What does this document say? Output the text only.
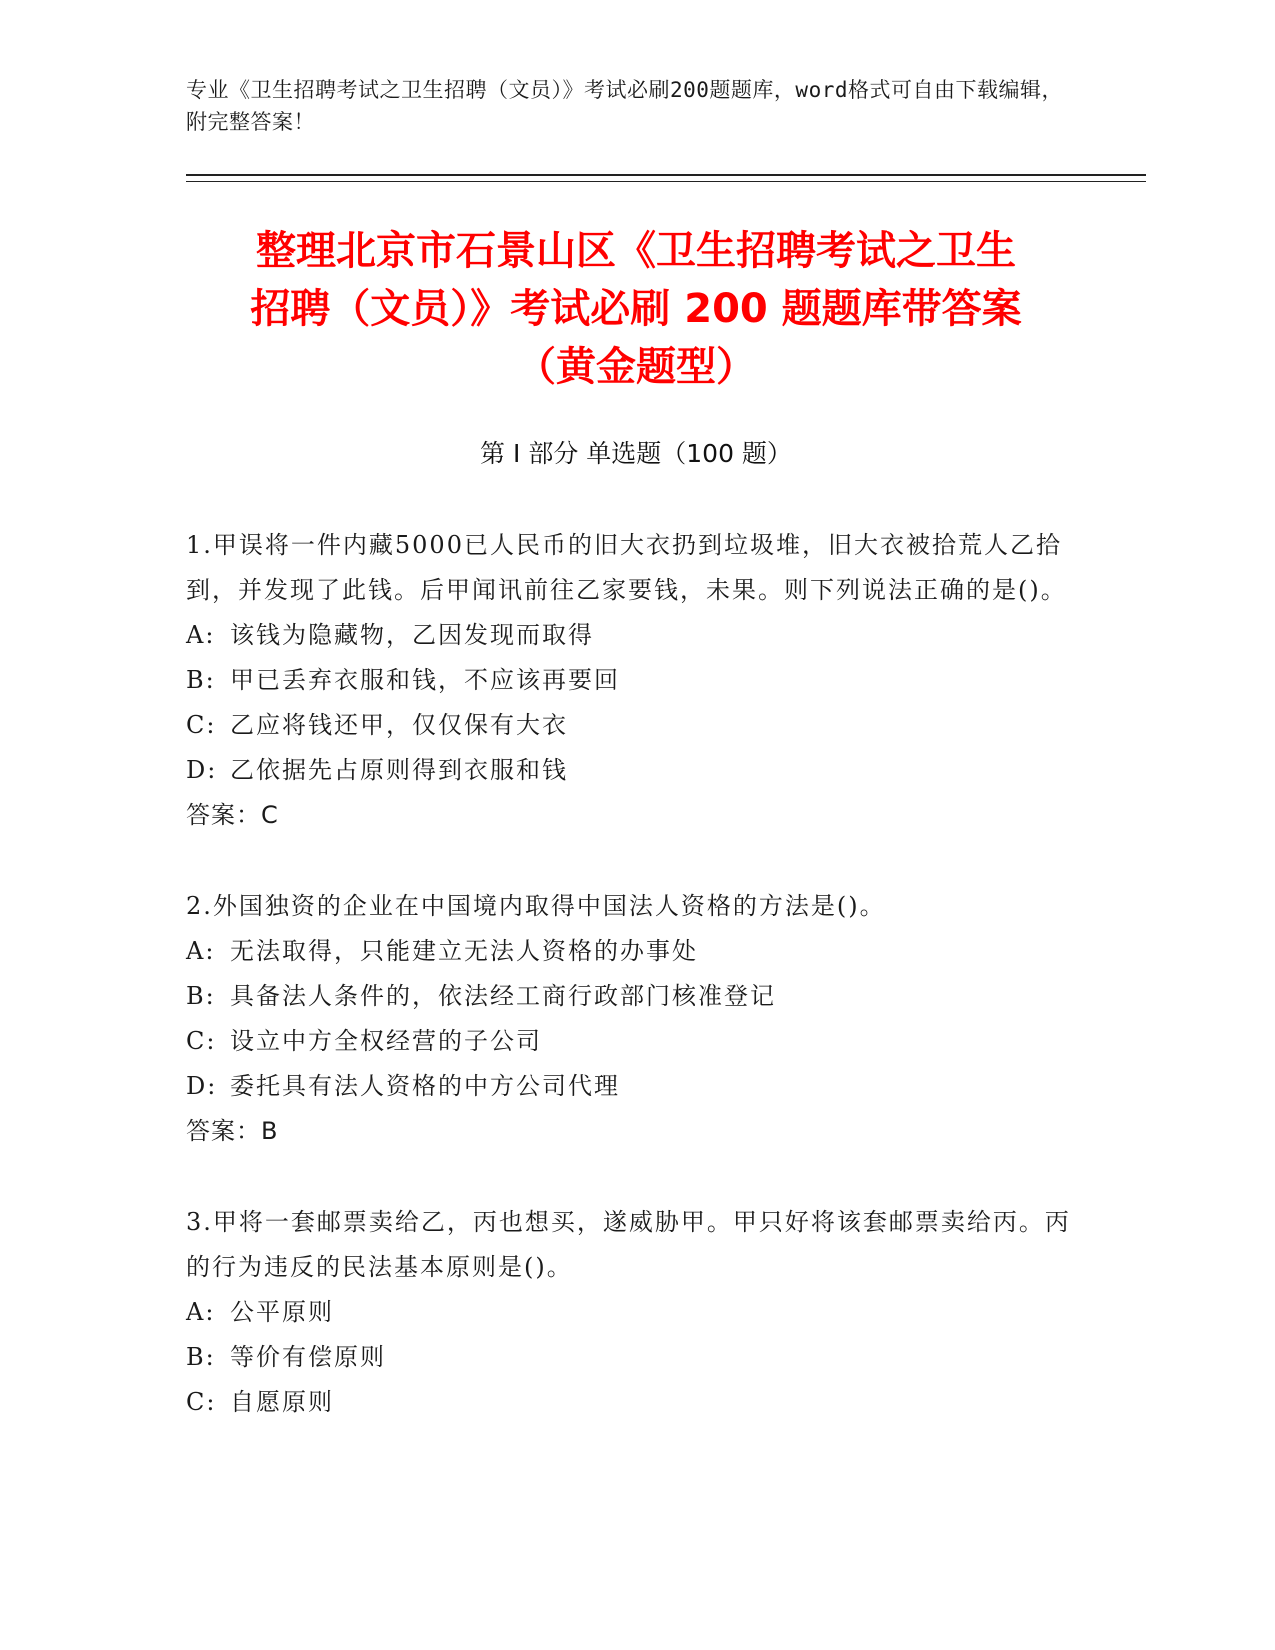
专业《卫生招聘考试之卫生招聘（文员）》考试必刷200题题库，word格式可自由下载编辑，附完整答案！
整理北京市石景山区《卫生招聘考试之卫生
招聘（文员）》考试必刷 200 题题库带答案
（黄金题型）
第 I 部分 单选题（100 题）

1.甲误将一件内藏5000已人民币的旧大衣扔到垃圾堆，旧大衣被拾荒人乙拾到，并发现了此钱。后甲闻讯前往乙家要钱，未果。则下列说法正确的是()。

A: 该钱为隐藏物，乙因发现而取得

B: 甲已丢弃衣服和钱，不应该再要回

C: 乙应将钱还甲，仅仅保有大衣

D: 乙依据先占原则得到衣服和钱

答案：C

2.外国独资的企业在中国境内取得中国法人资格的方法是()。

A: 无法取得，只能建立无法人资格的办事处

B: 具备法人条件的，依法经工商行政部门核准登记

C: 设立中方全权经营的子公司

D: 委托具有法人资格的中方公司代理

答案：B

3.甲将一套邮票卖给乙，丙也想买，遂威胁甲。甲只好将该套邮票卖给丙。丙的行为违反的民法基本原则是()。

A: 公平原则

B: 等价有偿原则

C: 自愿原则
